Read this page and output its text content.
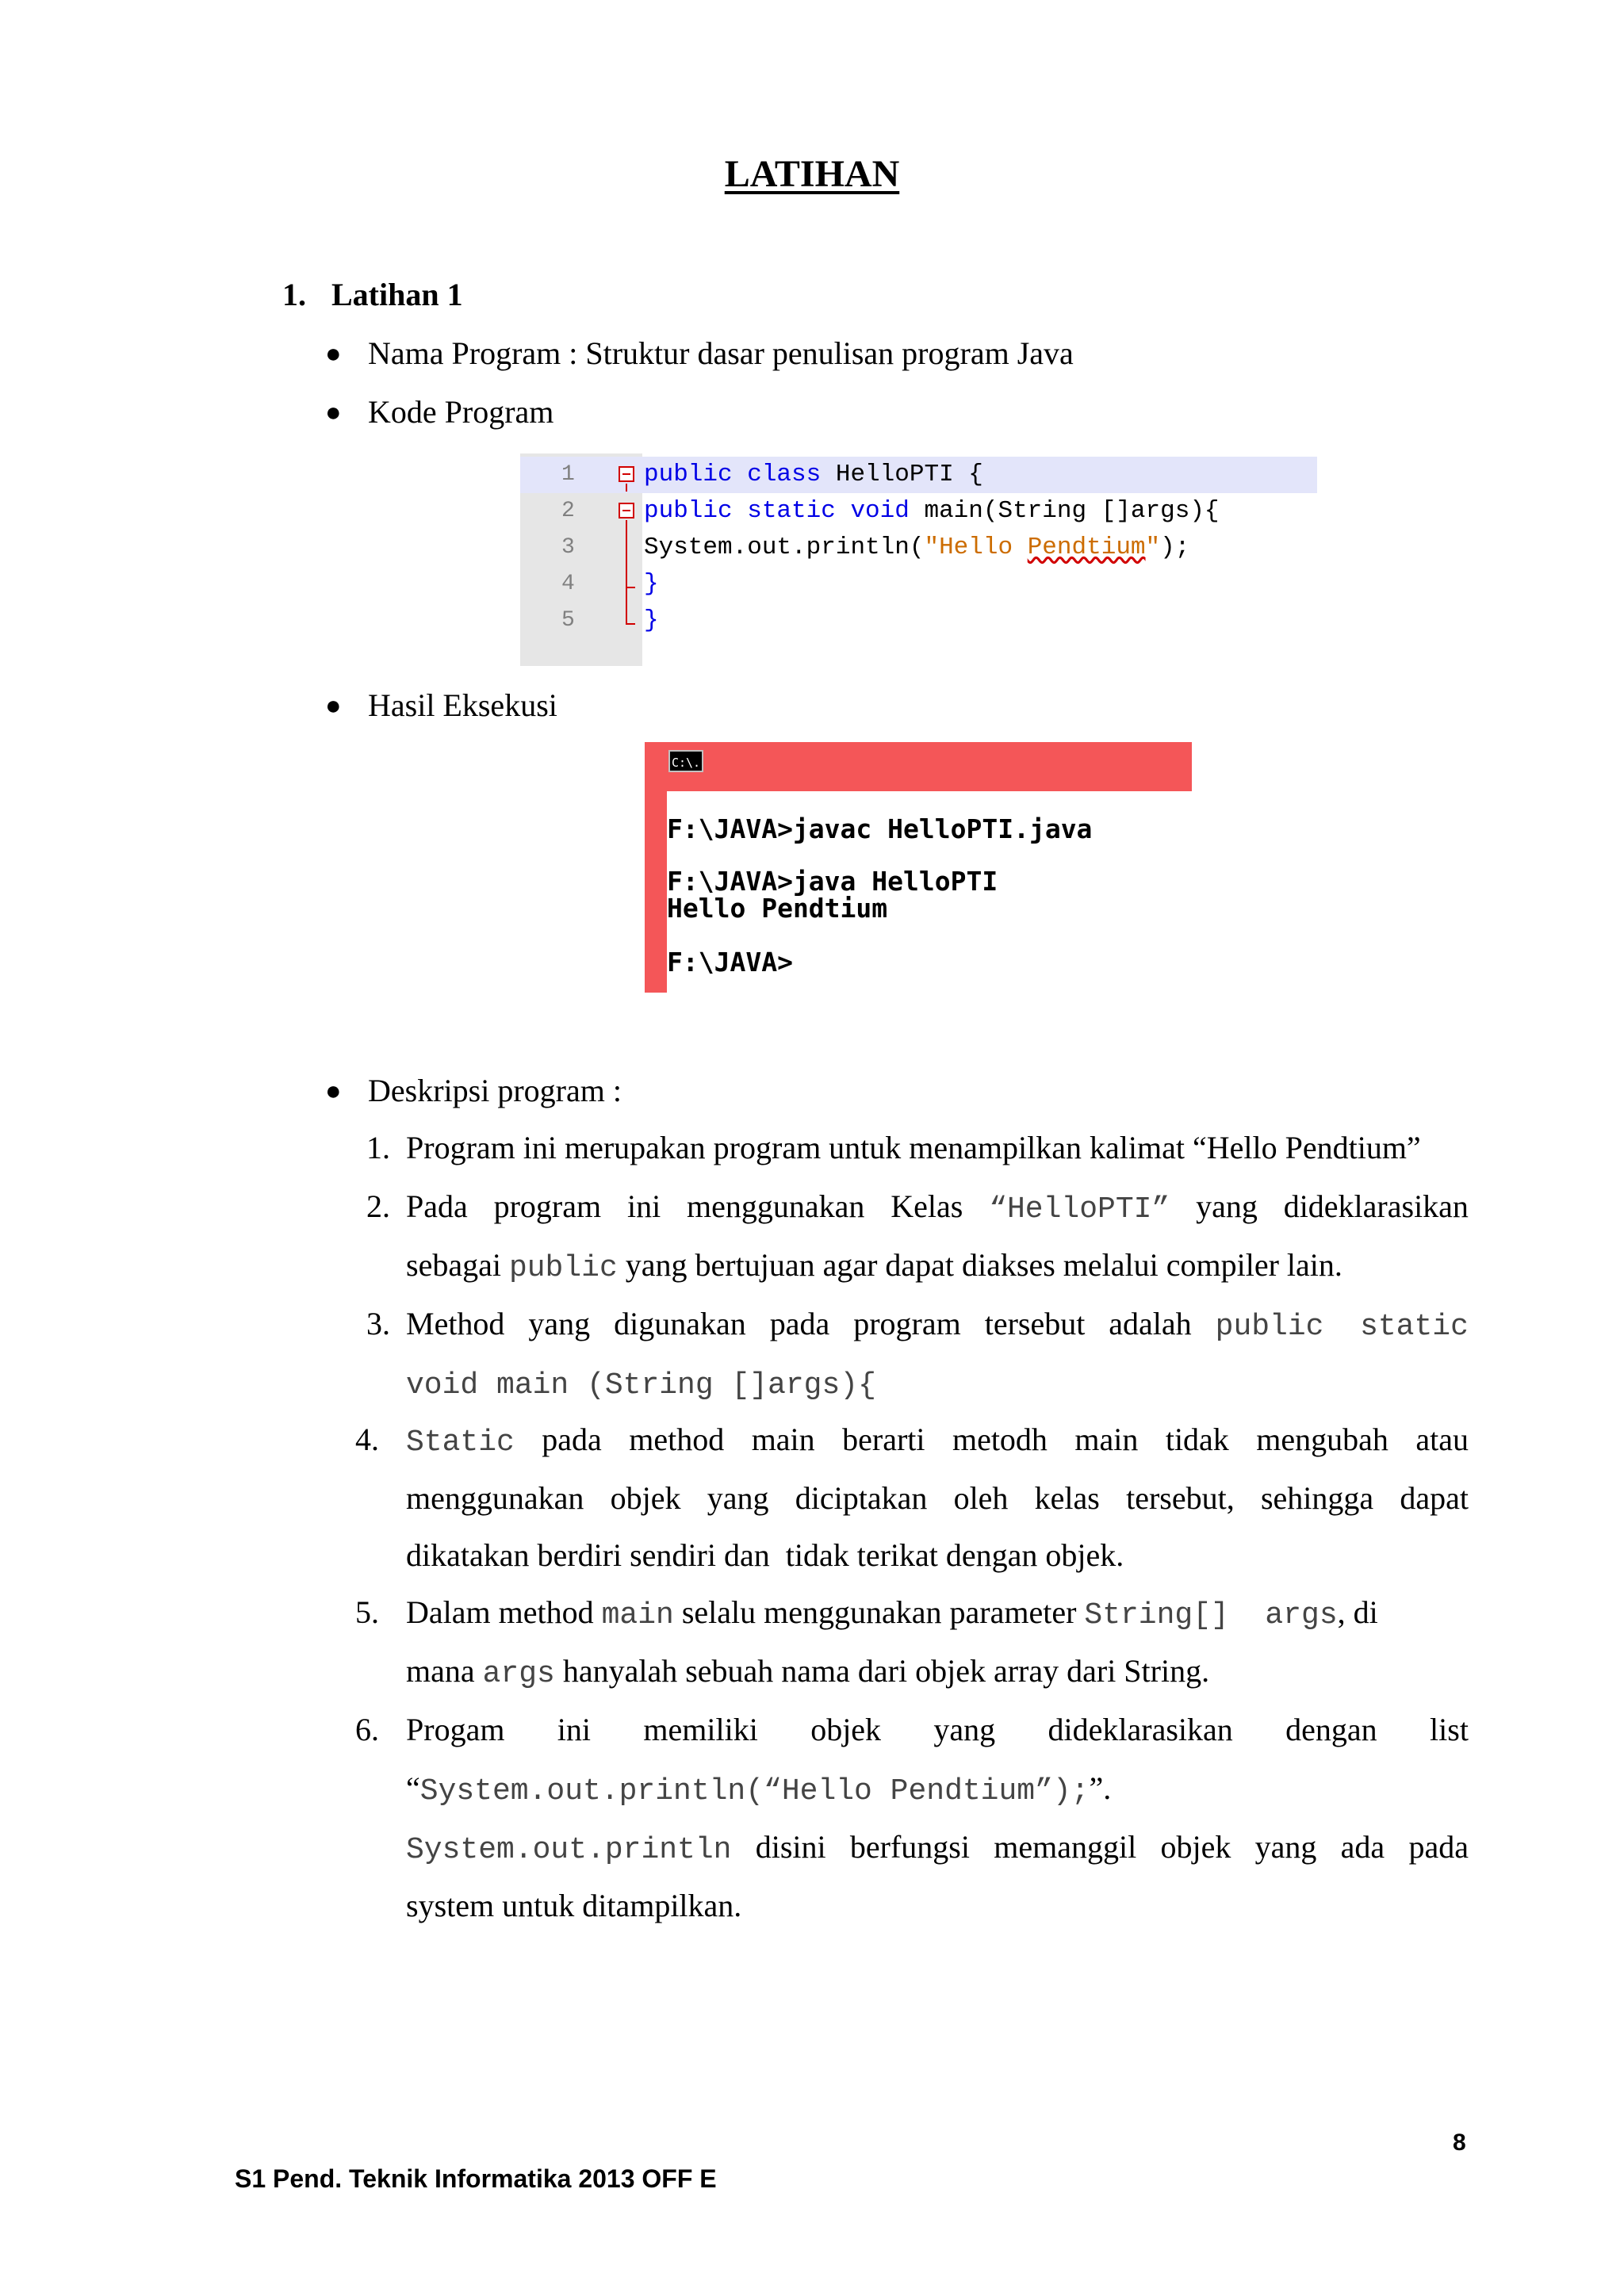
LATIHAN
1. Latihan 1
● Nama Program : Struktur dasar penulisan program Java
● Kode Program
1	public class HelloPTI {
2	public static void main(String []args){
3	System.out.println("Hello Pendtium");
4	}
5	}
● Hasil Eksekusi
C:\.
F:\JAVA>javac HelloPTI.java
F:\JAVA>java HelloPTI
Hello Pendtium
F:\JAVA>
● Deskripsi program :
1. Program ini merupakan program untuk menampilkan kalimat “Hello Pendtium”
2. Pada program ini menggunakan Kelas “HelloPTI” yang dideklarasikan
sebagai public yang bertujuan agar dapat diakses melalui compiler lain.
3. Method yang digunakan pada program tersebut adalah public  static
void main (String []args){
4. Static pada method main berarti metodh main tidak mengubah atau
menggunakan objek yang diciptakan oleh kelas tersebut, sehingga dapat
dikatakan berdiri sendiri dan  tidak terikat dengan objek.
5. Dalam method main selalu menggunakan parameter String[]  args, di
mana args hanyalah sebuah nama dari objek array dari String.
6. Progam ini memiliki objek yang dideklarasikan dengan list
“System.out.println(“Hello Pendtium”);”.
System.out.println disini berfungsi memanggil objek yang ada pada
system untuk ditampilkan.
8
S1 Pend. Teknik Informatika 2013 OFF E
